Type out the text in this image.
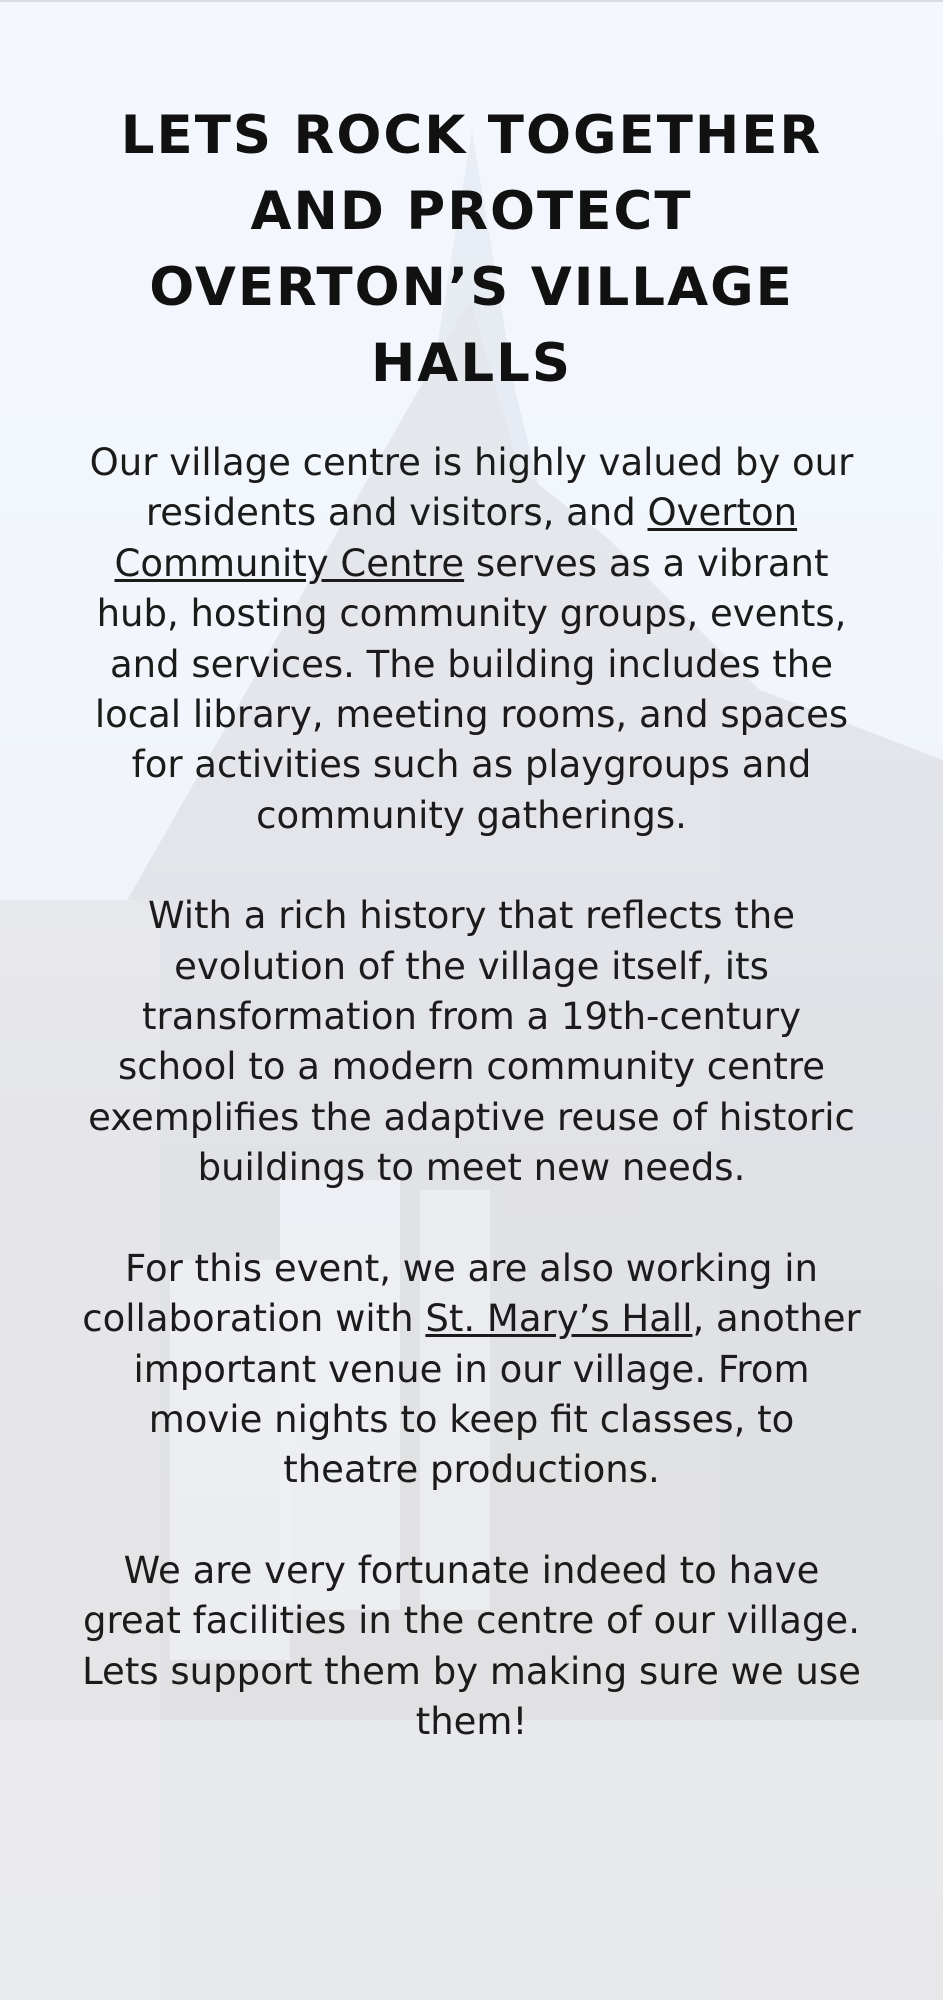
LETS ROCK TOGETHER AND PROTECT OVERTON’S VILLAGE HALLS

Our village centre is highly valued by our residents and visitors, and Overton Community Centre serves as a vibrant hub, hosting community groups, events, and services. The building includes the local library, meeting rooms, and spaces for activities such as playgroups and community gatherings.

With a rich history that reflects the evolution of the village itself, its transformation from a 19th-century school to a modern community centre exemplifies the adaptive reuse of historic buildings to meet new needs.

For this event, we are also working in collaboration with St. Mary’s Hall, another important venue in our village. From movie nights to keep fit classes, to theatre productions.

We are very fortunate indeed to have great facilities in the centre of our village. Lets support them by making sure we use them!
